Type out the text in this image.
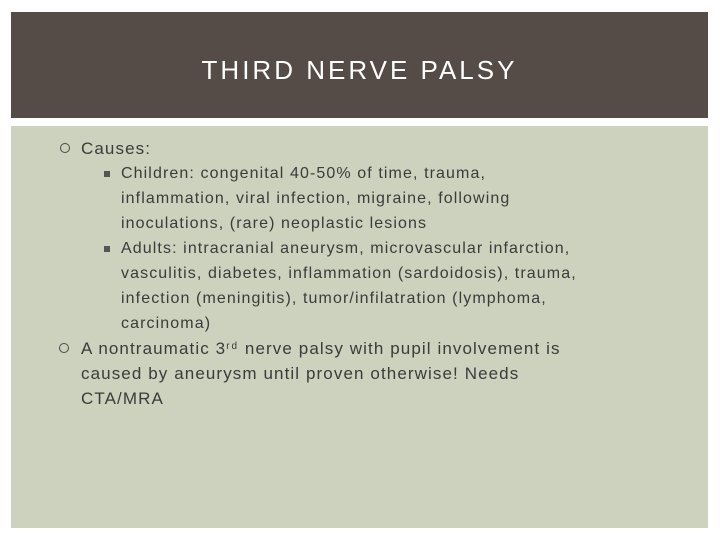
THIRD NERVE PALSY
Causes:
Children: congenital 40-50% of time, trauma, inflammation, viral infection, migraine, following inoculations, (rare) neoplastic lesions
Adults: intracranial aneurysm, microvascular infarction, vasculitis, diabetes, inflammation (sardoidosis), trauma, infection (meningitis), tumor/infilatration (lymphoma, carcinoma)
A nontraumatic 3rd nerve palsy with pupil involvement is caused by aneurysm until proven otherwise! Needs CTA/MRA
